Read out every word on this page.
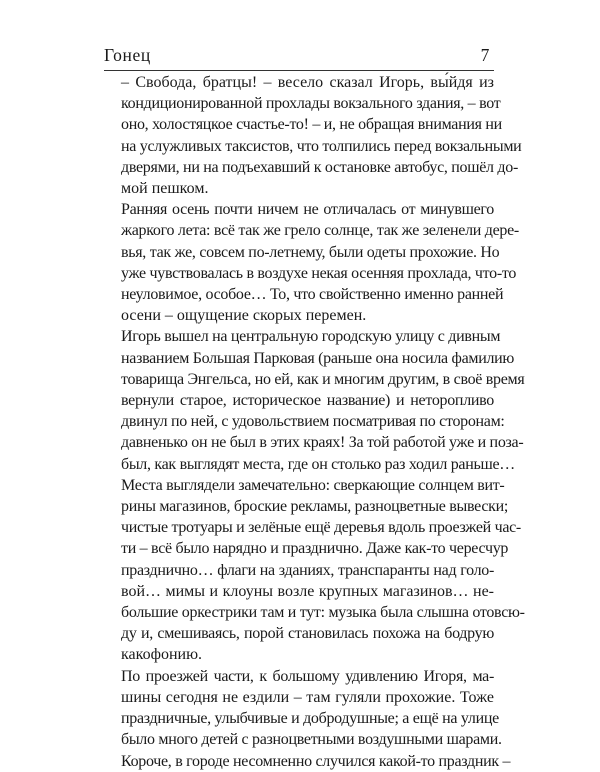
Гонец	7

– Свобода, братцы! – весело сказал Игорь, вы́йдя из
кондиционированной прохлады вокзального здания, – вот
оно, холостяцкое счастье-то! – и, не обращая внимания ни
на услужливых таксистов, что толпились перед вокзальными
дверями, ни на подъехавший к остановке автобус, пошёл до-
мой пешком.

Ранняя осень почти ничем не отличалась от минувшего
жаркого лета: всё так же грело солнце, так же зеленели дере-
вья, так же, совсем по-летнему, были одеты прохожие. Но
уже чувствовалась в воздухе некая осенняя прохлада, что-то
неуловимое, особое… То, что свойственно именно ранней
осени – ощущение скорых перемен.

Игорь вышел на центральную городскую улицу с дивным
названием Большая Парковая (раньше она носила фамилию
товарища Энгельса, но ей, как и многим другим, в своё время
вернули старое, историческое название) и неторопливо
двинул по ней, с удовольствием посматривая по сторонам:
давненько он не был в этих краях! За той работой уже и поза-
был, как выглядят места, где он столько раз ходил раньше…

Места выглядели замечательно: сверкающие солнцем вит-
рины магазинов, броские рекламы, разноцветные вывески;
чистые тротуары и зелёные ещё деревья вдоль проезжей час-
ти – всё было нарядно и празднично. Даже как-то чересчур
празднично… флаги на зданиях, транспаранты над голо-
вой… мимы и клоуны возле крупных магазинов… не-
большие оркестрики там и тут: музыка была слышна отовсю-
ду и, смешиваясь, порой становилась похожа на бодрую
какофонию.

По проезжей части, к большому удивлению Игоря, ма-
шины сегодня не ездили – там гуляли прохожие. Тоже
праздничные, улыбчивые и добродушные; а ещё на улице
было много детей с разноцветными воздушными шарами.
Короче, в городе несомненно случился какой-то праздник –
